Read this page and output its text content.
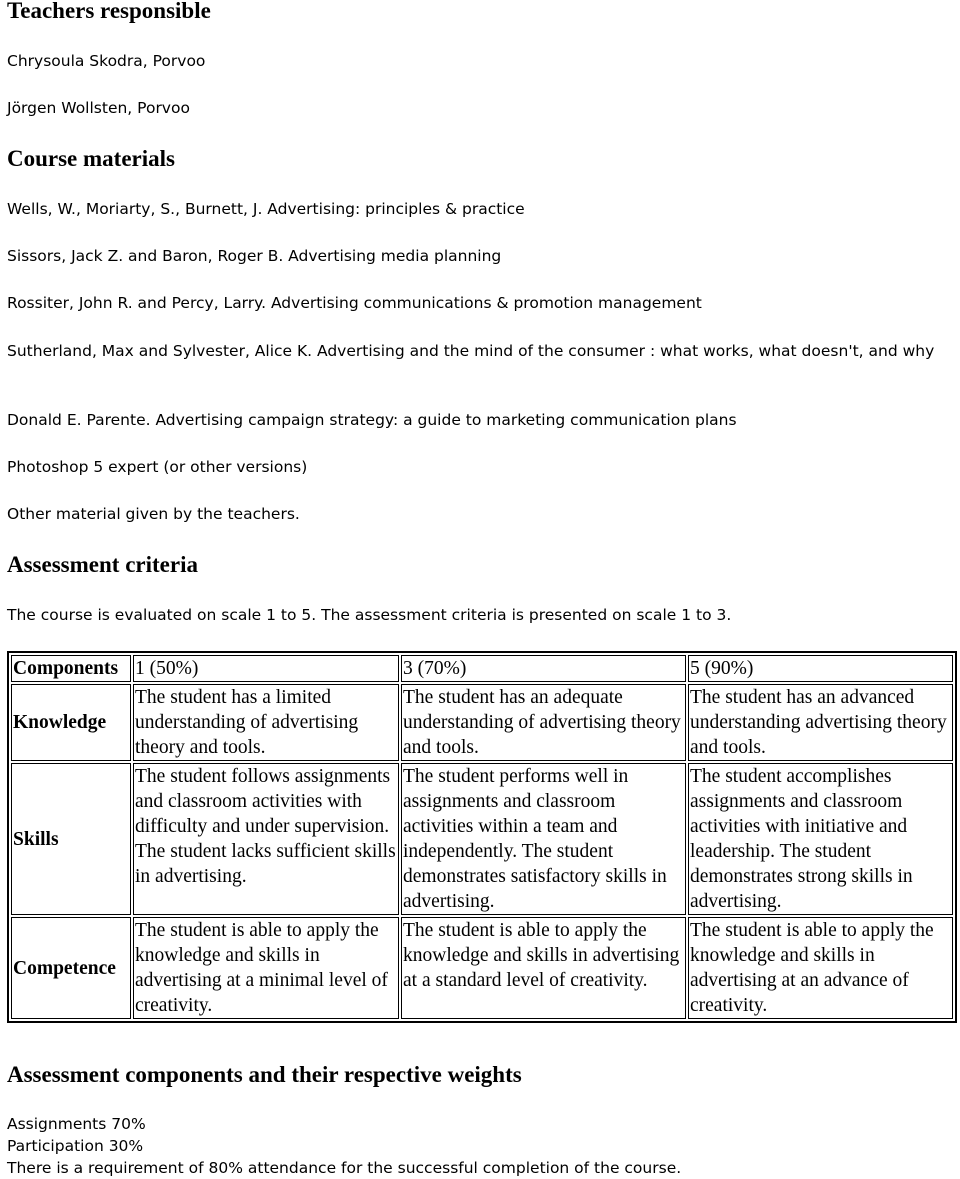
Teachers responsible

Chrysoula Skodra, Porvoo

Jörgen Wollsten, Porvoo

Course materials

Wells, W., Moriarty, S., Burnett, J. Advertising: principles & practice

Sissors, Jack Z. and Baron, Roger B. Advertising media planning

Rossiter, John R. and Percy, Larry. Advertising communications & promotion management

Sutherland, Max and Sylvester, Alice K. Advertising and the mind of the consumer : what works, what doesn't, and why

Donald E. Parente. Advertising campaign strategy: a guide to marketing communication plans

Photoshop 5 expert (or other versions)

Other material given by the teachers.

Assessment criteria

The course is evaluated on scale 1 to 5. The assessment criteria is presented on scale 1 to 3.

Components	1 (50%)	3 (70%)	5 (90%)
Knowledge	The student has a limited understanding of advertising theory and tools.	The student has an adequate understanding of advertising theory and tools.	The student has an advanced understanding advertising theory and tools.
Skills	The student follows assignments and classroom activities with difficulty and under supervision. The student lacks sufficient skills in advertising.	The student performs well in assignments and classroom activities within a team and independently. The student demonstrates satisfactory skills in advertising.	The student accomplishes assignments and classroom activities with initiative and leadership. The student demonstrates strong skills in advertising.
Competence	The student is able to apply the knowledge and skills in advertising at a minimal level of creativity.	The student is able to apply the knowledge and skills in advertising at a standard level of creativity.	The student is able to apply the knowledge and skills in advertising at an advance of creativity.
Assessment components and their respective weights
Assignments 70%
Participation 30%
There is a requirement of 80% attendance for the successful completion of the course.
